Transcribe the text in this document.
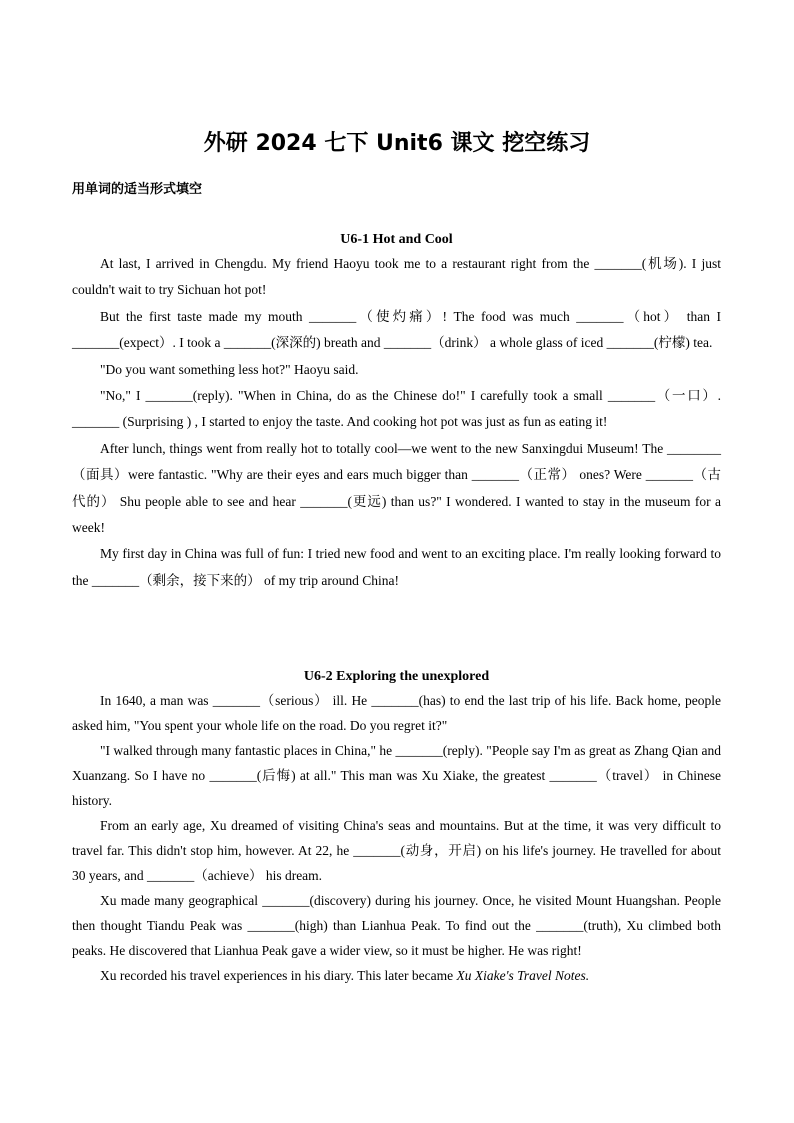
外研 2024 七下 Unit6 课文 挖空练习
用单词的适当形式填空
U6-1 Hot and Cool

At last, I arrived in Chengdu. My friend Haoyu took me to a restaurant right from the _______(机场). I just couldn't wait to try Sichuan hot pot!

But the first taste made my mouth _______（使灼痛）! The food was much _______（hot） than I _______(expect）. I took a _______(深深的) breath and _______（drink） a whole glass of iced _______(柠檬) tea.

"Do you want something less hot?" Haoyu said.

"No," I _______(reply). "When in China, do as the Chinese do!" I carefully took a small _______（一口）. _______ (Surprising ) , I started to enjoy the taste. And cooking hot pot was just as fun as eating it!

After lunch, things went from really hot to totally cool—we went to the new Sanxingdui Museum! The ________（面具）were fantastic. "Why are their eyes and ears much bigger than _______（正常） ones? Were _______（古代的） Shu people able to see and hear _______(更远) than us?" I wondered. I wanted to stay in the museum for a week!

My first day in China was full of fun: I tried new food and went to an exciting place. I'm really looking forward to the _______（剩余，接下来的） of my trip around China!

U6-2 Exploring the unexplored

In 1640, a man was _______（serious） ill. He _______(has) to end the last trip of his life. Back home, people asked him, "You spent your whole life on the road. Do you regret it?"

"I walked through many fantastic places in China," he _______(reply). "People say I'm as great as Zhang Qian and Xuanzang. So I have no _______(后悔) at all." This man was Xu Xiake, the greatest _______（travel） in Chinese history.

From an early age, Xu dreamed of visiting China's seas and mountains. But at the time, it was very difficult to travel far. This didn't stop him, however. At 22, he _______(动身，开启) on his life's journey. He travelled for about 30 years, and _______（achieve） his dream.

Xu made many geographical _______(discovery) during his journey. Once, he visited Mount Huangshan. People then thought Tiandu Peak was _______(high) than Lianhua Peak. To find out the _______(truth), Xu climbed both peaks. He discovered that Lianhua Peak gave a wider view, so it must be higher. He was right!

Xu recorded his travel experiences in his diary. This later became Xu Xiake's Travel Notes.
